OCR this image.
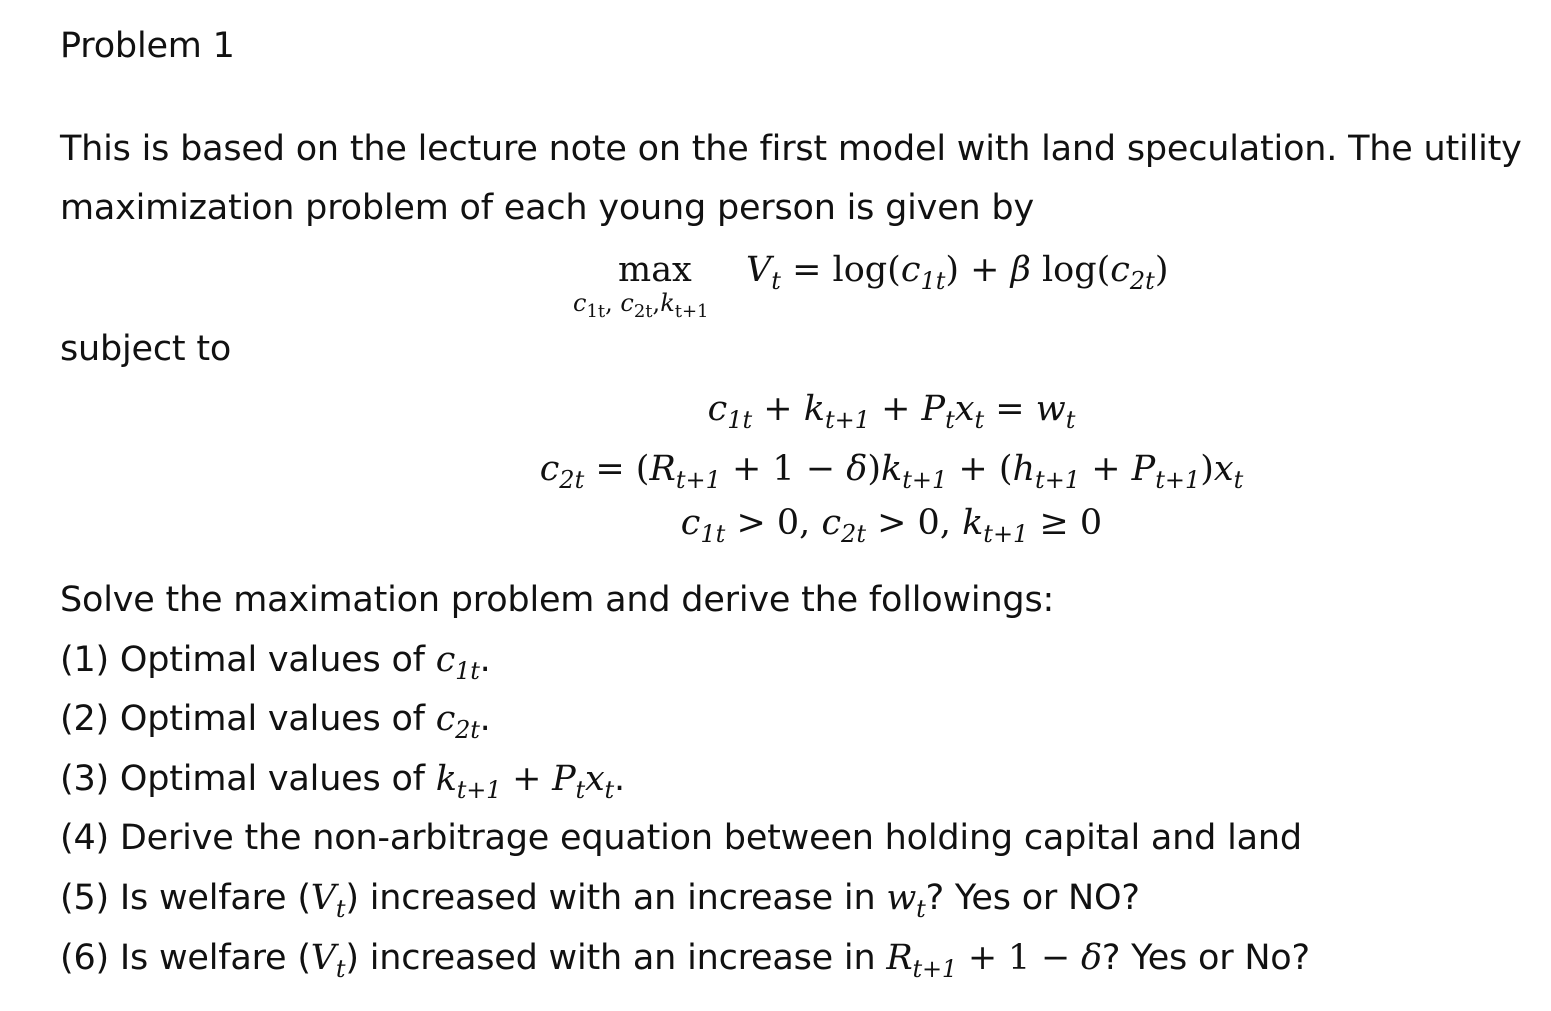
Problem 1
This is based on the lecture note on the first model with land speculation. The utility
maximization problem of each young person is given by
max
$c_{1t}$, $c_{2t},k_{t+1}$
$V_t = \log(c_{1t}) + \beta$ $\log(c_{2t})$
subject to
$c_{1t} + k_{t+1} + P_tx_t = w_t$
$c_{2t} = (R_{t+1} + 1 - \delta)k_{t+1} + (h_{t+1} + P_{t+1})x_t$
$c_{1t} > 0$, $c_{2t} > 0$, $k_{t+1} \ge 0$
Solve the maximation problem and derive the followings:
(1) Optimal values of $c_{1t}$.
(2) Optimal values of $c_{2t}$.
(3) Optimal values of $k_{t+1} + P_tx_t$.
(4) Derive the non-arbitrage equation between holding capital and land
(5) Is welfare $(V_t)$ increased with an increase in $w_t$? Yes or NO?
(6) Is welfare $(V_t)$ increased with an increase in $R_{t+1} + 1 - \delta$? Yes or No?
